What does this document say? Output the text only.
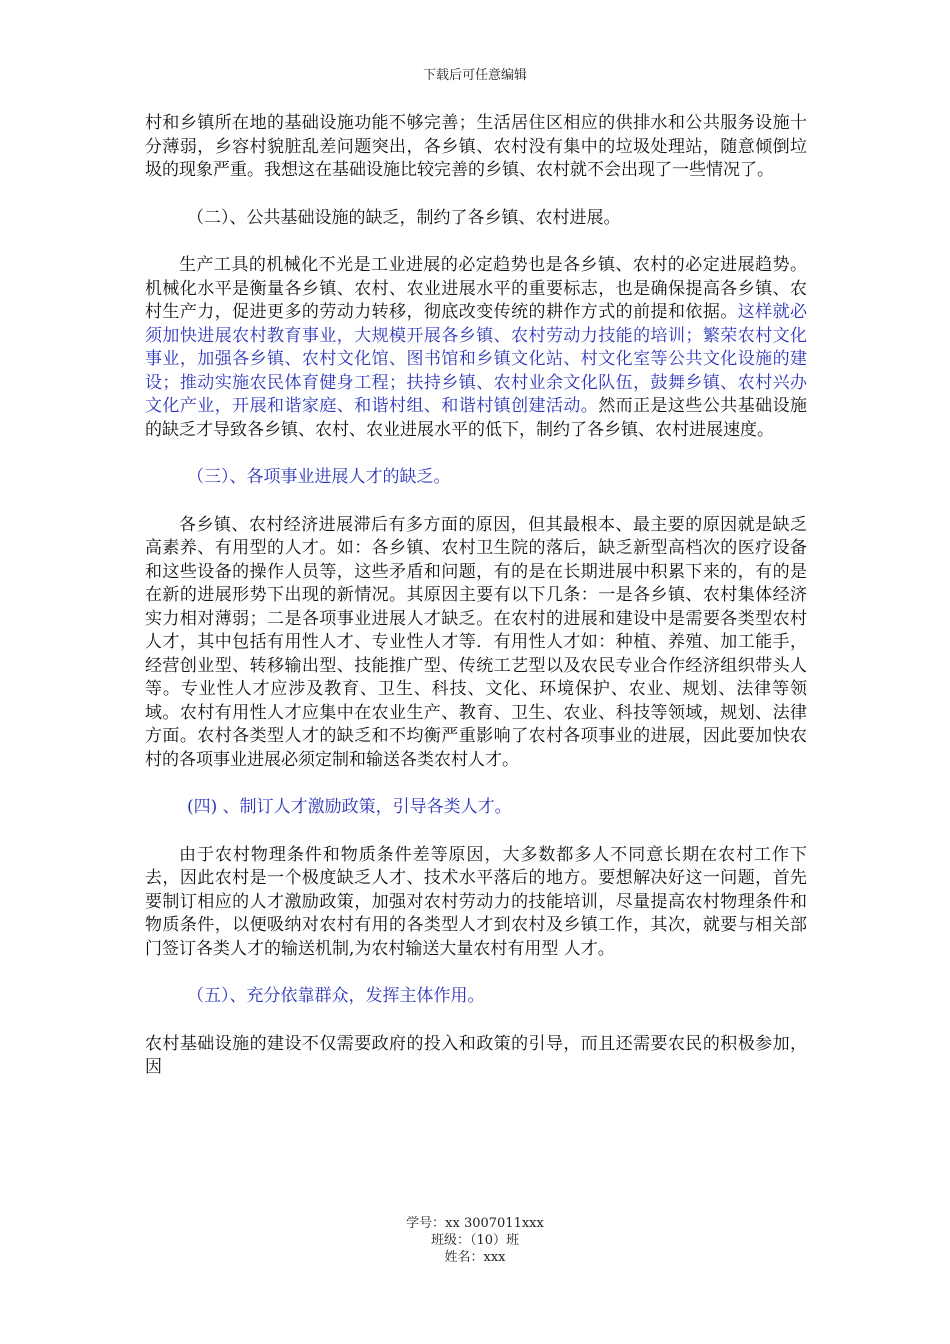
下载后可任意编辑

村和乡镇所在地的基础设施功能不够完善；生活居住区相应的供排水和公共服务设施十分薄弱，乡容村貌脏乱差问题突出，各乡镇、农村没有集中的垃圾处理站，随意倾倒垃圾的现象严重。我想这在基础设施比较完善的乡镇、农村就不会出现了一些情况了。

（二）、公共基础设施的缺乏，制约了各乡镇、农村进展。

生产工具的机械化不光是工业进展的必定趋势也是各乡镇、农村的必定进展趋势。机械化水平是衡量各乡镇、农村、农业进展水平的重要标志，也是确保提高各乡镇、农村生产力，促进更多的劳动力转移，彻底改变传统的耕作方式的前提和依据。这样就必须加快进展农村教育事业，大规模开展各乡镇、农村劳动力技能的培训；繁荣农村文化事业，加强各乡镇、农村文化馆、图书馆和乡镇文化站、村文化室等公共文化设施的建设；推动实施农民体育健身工程；扶持乡镇、农村业余文化队伍，鼓舞乡镇、农村兴办文化产业，开展和谐家庭、和谐村组、和谐村镇创建活动。然而正是这些公共基础设施的缺乏才导致各乡镇、农村、农业进展水平的低下，制约了各乡镇、农村进展速度。

（三）、各项事业进展人才的缺乏。

各乡镇、农村经济进展滞后有多方面的原因，但其最根本、最主要的原因就是缺乏高素养、有用型的人才。如：各乡镇、农村卫生院的落后，缺乏新型高档次的医疗设备和这些设备的操作人员等，这些矛盾和问题，有的是在长期进展中积累下来的，有的是在新的进展形势下出现的新情况。其原因主要有以下几条：一是各乡镇、农村集体经济实力相对薄弱；二是各项事业进展人才缺乏。在农村的进展和建设中是需要各类型农村人才，其中包括有用性人才、专业性人才等．有用性人才如：种植、养殖、加工能手，经营创业型、转移输出型、技能推广型、传统工艺型以及农民专业合作经济组织带头人等。专业性人才应涉及教育、卫生、科技、文化、环境保护、农业、规划、法律等领域。农村有用性人才应集中在农业生产、教育、卫生、农业、科技等领域，规划、法律方面。农村各类型人才的缺乏和不均衡严重影响了农村各项事业的进展，因此要加快农村的各项事业进展必须定制和输送各类农村人才。

(四) 、制订人才激励政策，引导各类人才。

由于农村物理条件和物质条件差等原因，大多数都多人不同意长期在农村工作下去，因此农村是一个极度缺乏人才、技术水平落后的地方。要想解决好这一问题，首先要制订相应的人才激励政策，加强对农村劳动力的技能培训，尽量提高农村物理条件和物质条件，以便吸纳对农村有用的各类型人才到农村及乡镇工作，其次，就要与相关部门签订各类人才的输送机制,为农村输送大量农村有用型 人才。

（五）、充分依靠群众，发挥主体作用。

农村基础设施的建设不仅需要政府的投入和政策的引导，而且还需要农民的积极参加，因

学号：xx 3007011xxx
班级：（10）班
姓名：xxx
